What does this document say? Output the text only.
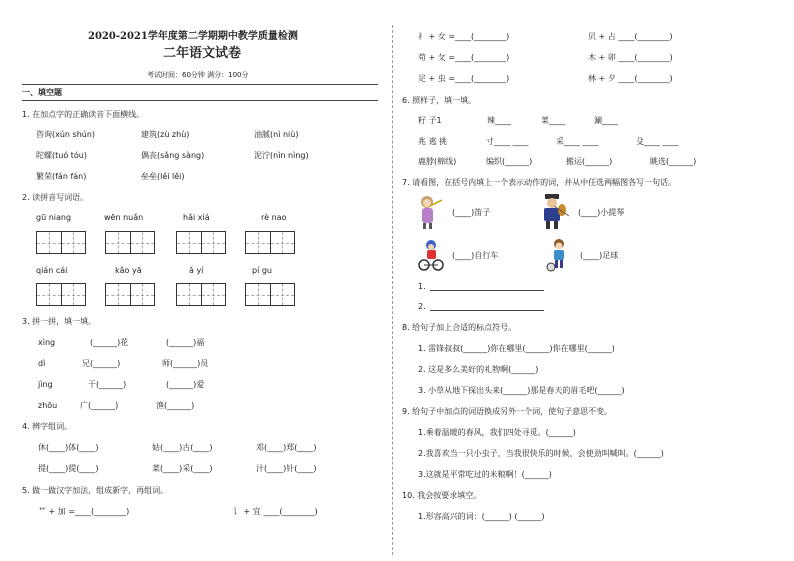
2020-2021学年度第二学期期中教学质量检测
二年语文试卷
考试时间：60分钟 满分：100分
一、填空题
1. 在加点字的正确读音下面横线。
咨询(xún shún)	建筑(zù zhù)	油腻(nì niù)
陀螺(tuó tóu)	偶丧(sǎng sàng)	泥泞(nìn nìng)
繁荣(fán fán)	垒垒(lěi lěi)
2. 读拼音写词语。
gū niang	wēn nuǎn	hǎi xiá	rè nao
qián cái	kǎo yā	ǎ yí	pí gu
3. 拼一拼，填一填。
xìng	(______)花	(______)福
dì	兄(______)	师(______)员
jìng	干(______)	(______)爱
zhōu	广(______)	渔(______)
4. 辨字组词。
休(____)体(____)	姑(____)古(____)	邓(____)郑(____)
提(____)提(____)	菜(____)采(____)	汁(____)针(____)
5. 做一做汉字加法，组成新字，再组词。
艹 + 加 =____(________)	讠 + 宜 ____(________)
礻 + 女 =____(________)	贝 + 占 ____(________)
苟 + 攵 =____(________)	木 + 卯 ____(________)
足 + 虫 =____(________)	林 + 夕 ____(________)
6. 照样子，填一填。
籽 子1	辣____	菜____	涮____
兆 逃 挑	寸____ ____	采____ ____	殳____ ____
鹿脖(棉线)	编织(______)	搬运(______)	眺选(______)
7. 请看图，在括号内填上一个表示动作的词，并从中任选两幅图各写一句话。
(____)笛子	(____)小提琴
(____)自行车	(____)足球
1.
2.
8. 给句子加上合适的标点符号。
1. 雷锋叔叔(______)你在哪里(______)你在哪里(______)
2. 这是多么美好的礼物啊(______)
3. 小草从地下探出头来(______)那是春天的眉毛吧(______)
9. 给句子中加点的词语换成另外一个词，使句子意思不变。
1.乘着温暖的春风，我们四处寻觅。(______)
2.我喜欢当一只小虫子，当我很快乐的时候，会使劲叫喊叫。(______)
3.这就是平常吃过的米粮啊！(______)
10. 我会按要求填空。
1.形容高兴的词：(______) (______)
